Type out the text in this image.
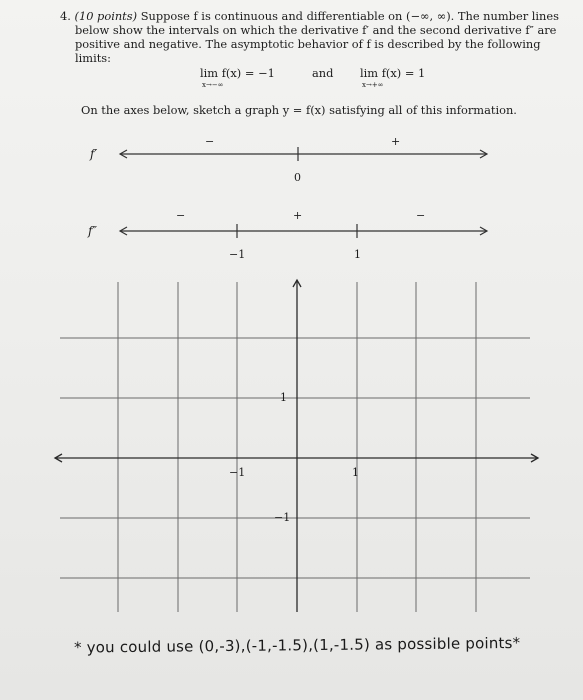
4. (10 points) Suppose f is continuous and differentiable on (−∞, ∞). The number lines

below show the intervals on which the derivative f′ and the second derivative f″ are

positive and negative. The asymptotic behavior of f is described by the following

limits:

lim f(x) = −1
x→−∞
and lim f(x) = 1
x→+∞
On the axes below, sketch a graph y = f(x) satisfying all of this information.
f′
−	+
0
f″
−	+	−
−1	1
−1	1
1
−1
* you could use (0,-3),(-1,-1.5),(1,-1.5) as possible points*
